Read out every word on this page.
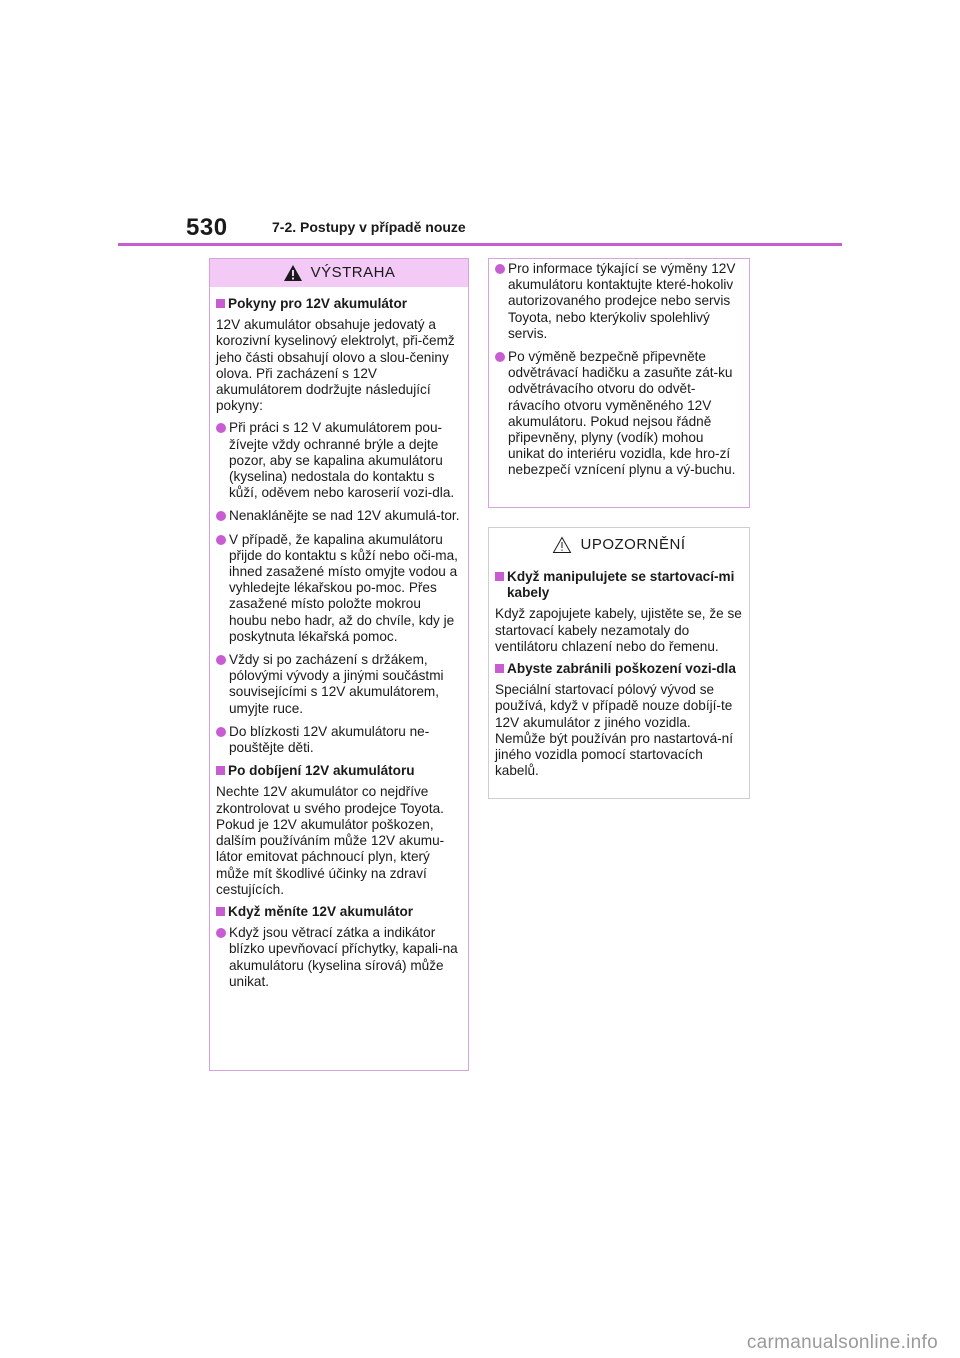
530	7-2. Postupy v případě nouze
VÝSTRAHA
Pokyny pro 12V akumulátor
12V akumulátor obsahuje jedovatý a korozivní kyselinový elektrolyt, při-čemž jeho části obsahují olovo a slou-čeniny olova. Při zacházení s 12V akumulátorem dodržujte následující pokyny:
Při práci s 12 V akumulátorem pou-žívejte vždy ochranné brýle a dejte pozor, aby se kapalina akumulátoru (kyselina) nedostala do kontaktu s kůží, oděvem nebo karoserií vozi-dla.
Nenaklánějte se nad 12V akumulá-tor.
V případě, že kapalina akumulátoru přijde do kontaktu s kůží nebo oči-ma, ihned zasažené místo omyjte vodou a vyhledejte lékařskou po-moc. Přes zasažené místo položte mokrou houbu nebo hadr, až do chvíle, kdy je poskytnuta lékařská pomoc.
Vždy si po zacházení s držákem, pólovými vývody a jinými součástmi souvisejícími s 12V akumulátorem, umyjte ruce.
Do blízkosti 12V akumulátoru ne-pouštějte děti.
Po dobíjení 12V akumulátoru
Nechte 12V akumulátor co nejdříve zkontrolovat u svého prodejce Toyota. Pokud je 12V akumulátor poškozen, dalším používáním může 12V akumu-látor emitovat páchnoucí plyn, který může mít škodlivé účinky na zdraví cestujících.
Když měníte 12V akumulátor
Když jsou větrací zátka a indikátor blízko upevňovací příchytky, kapali-na akumulátoru (kyselina sírová) může unikat.
Pro informace týkající se výměny 12V akumulátoru kontaktujte které-hokoliv autorizovaného prodejce nebo servis Toyota, nebo kterýkoliv spolehlivý servis.
Po výměně bezpečně připevněte odvětrávací hadičku a zasuňte zát-ku odvětrávacího otvoru do odvět-rávacího otvoru vyměněného 12V akumulátoru. Pokud nejsou řádně připevněny, plyny (vodík) mohou unikat do interiéru vozidla, kde hro-zí nebezpečí vznícení plynu a vý-buchu.
UPOZORNĚNÍ
Když manipulujete se startovací-mi kabely
Když zapojujete kabely, ujistěte se, že se startovací kabely nezamotaly do ventilátoru chlazení nebo do řemenu.
Abyste zabránili poškození vozi-dla
Speciální startovací pólový vývod se používá, když v případě nouze dobíjí-te 12V akumulátor z jiného vozidla. Nemůže být používán pro nastartová-ní jiného vozidla pomocí startovacích kabelů.
carmanualsonline.info
